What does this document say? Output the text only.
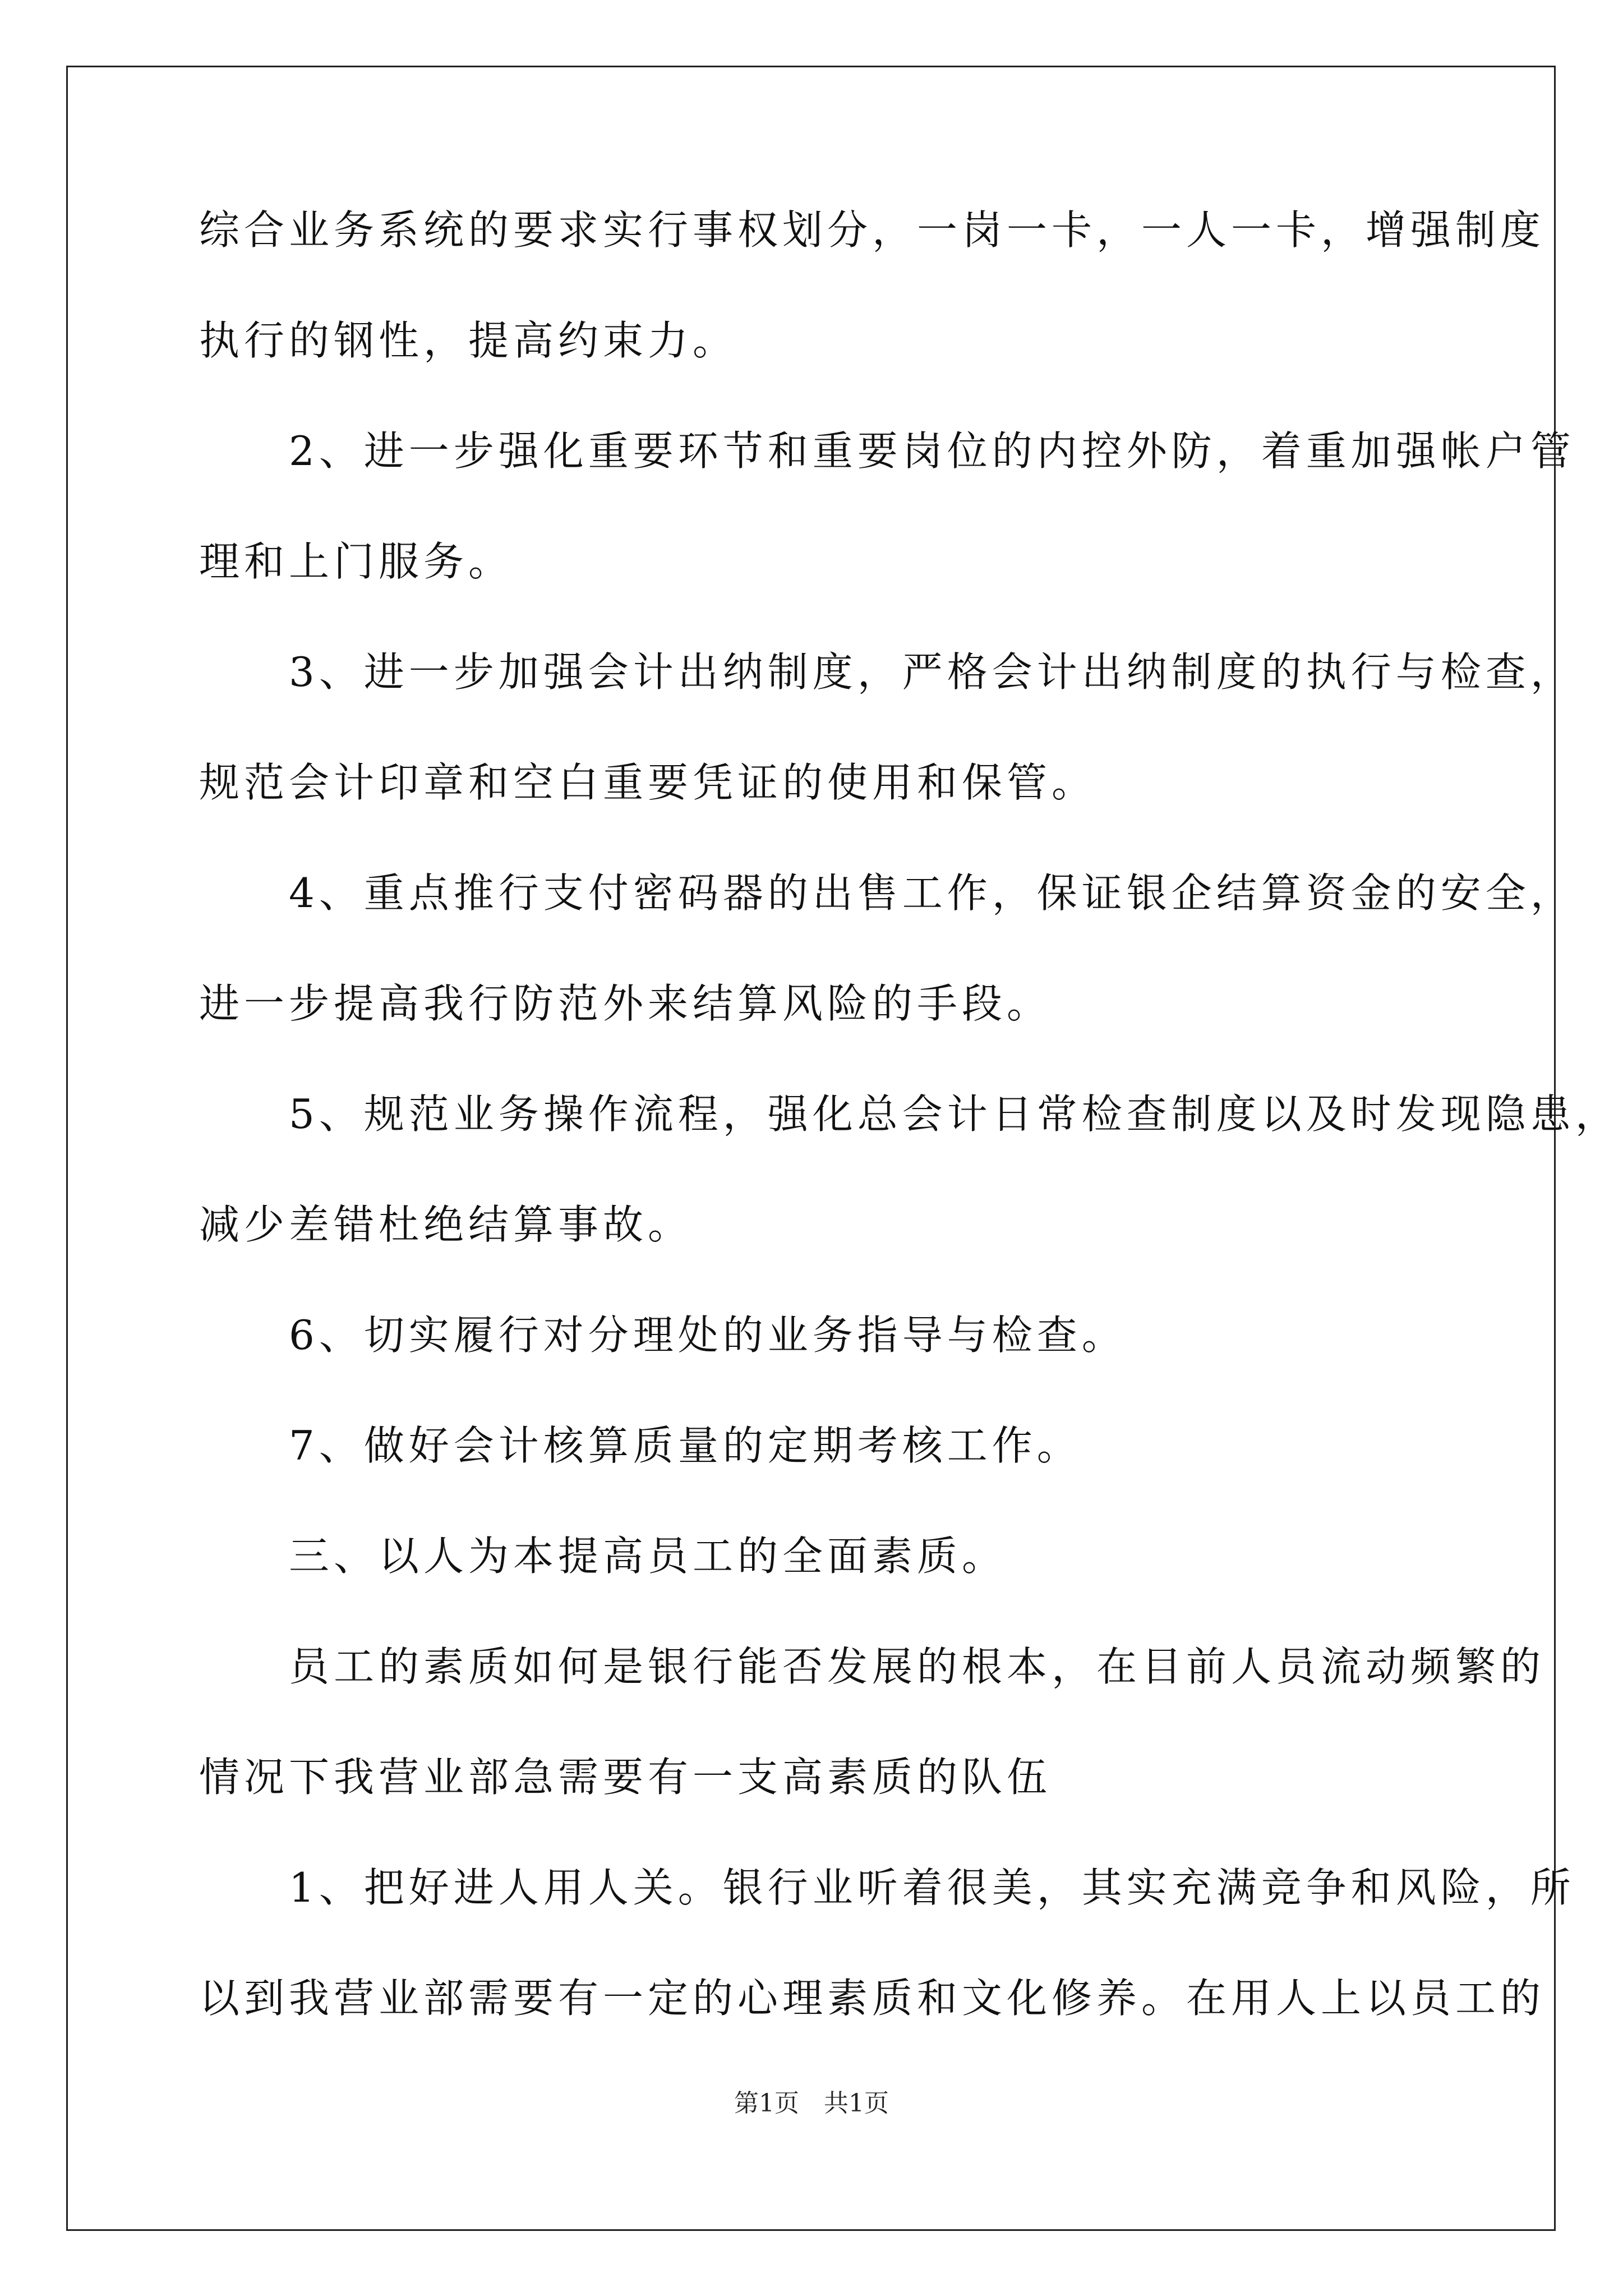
综合业务系统的要求实行事权划分，一岗一卡，一人一卡，增强制度
执行的钢性，提高约束力。
　　2、进一步强化重要环节和重要岗位的内控外防，着重加强帐户管
理和上门服务。
　　3、进一步加强会计出纳制度，严格会计出纳制度的执行与检查，
规范会计印章和空白重要凭证的使用和保管。
　　4、重点推行支付密码器的出售工作，保证银企结算资金的安全，
进一步提高我行防范外来结算风险的手段。
　　5、规范业务操作流程，强化总会计日常检查制度以及时发现隐患，
减少差错杜绝结算事故。
　　6、切实履行对分理处的业务指导与检查。
　　7、做好会计核算质量的定期考核工作。
　　三、以人为本提高员工的全面素质。
　　员工的素质如何是银行能否发展的根本，在目前人员流动频繁的
情况下我营业部急需要有一支高素质的队伍
　　1、把好进人用人关。银行业听着很美，其实充满竞争和风险，所
以到我营业部需要有一定的心理素质和文化修养。在用人上以员工的
第1页　共1页
